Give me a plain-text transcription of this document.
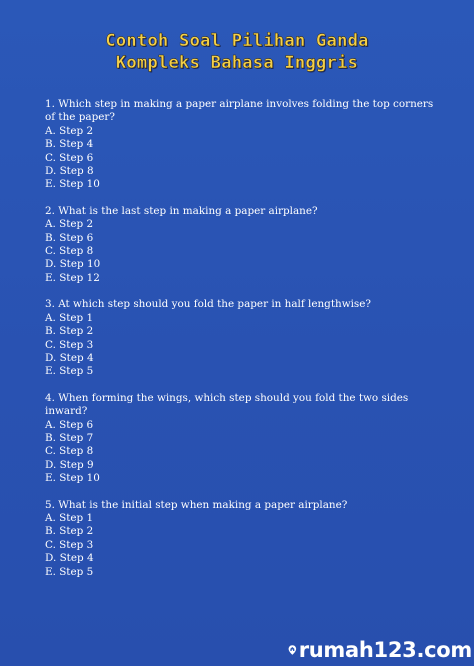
Contoh Soal Pilihan Ganda
Kompleks Bahasa Inggris
1. Which step in making a paper airplane involves folding the top corners of the paper?
A. Step 2
B. Step 4
C. Step 6
D. Step 8
E. Step 10
2. What is the last step in making a paper airplane?
A. Step 2
B. Step 6
C. Step 8
D. Step 10
E. Step 12
3. At which step should you fold the paper in half lengthwise?
A. Step 1
B. Step 2
C. Step 3
D. Step 4
E. Step 5
4. When forming the wings, which step should you fold the two sides inward?
A. Step 6
B. Step 7
C. Step 8
D. Step 9
E. Step 10
5. What is the initial step when making a paper airplane?
A. Step 1
B. Step 2
C. Step 3
D. Step 4
E. Step 5
rumah123.com
